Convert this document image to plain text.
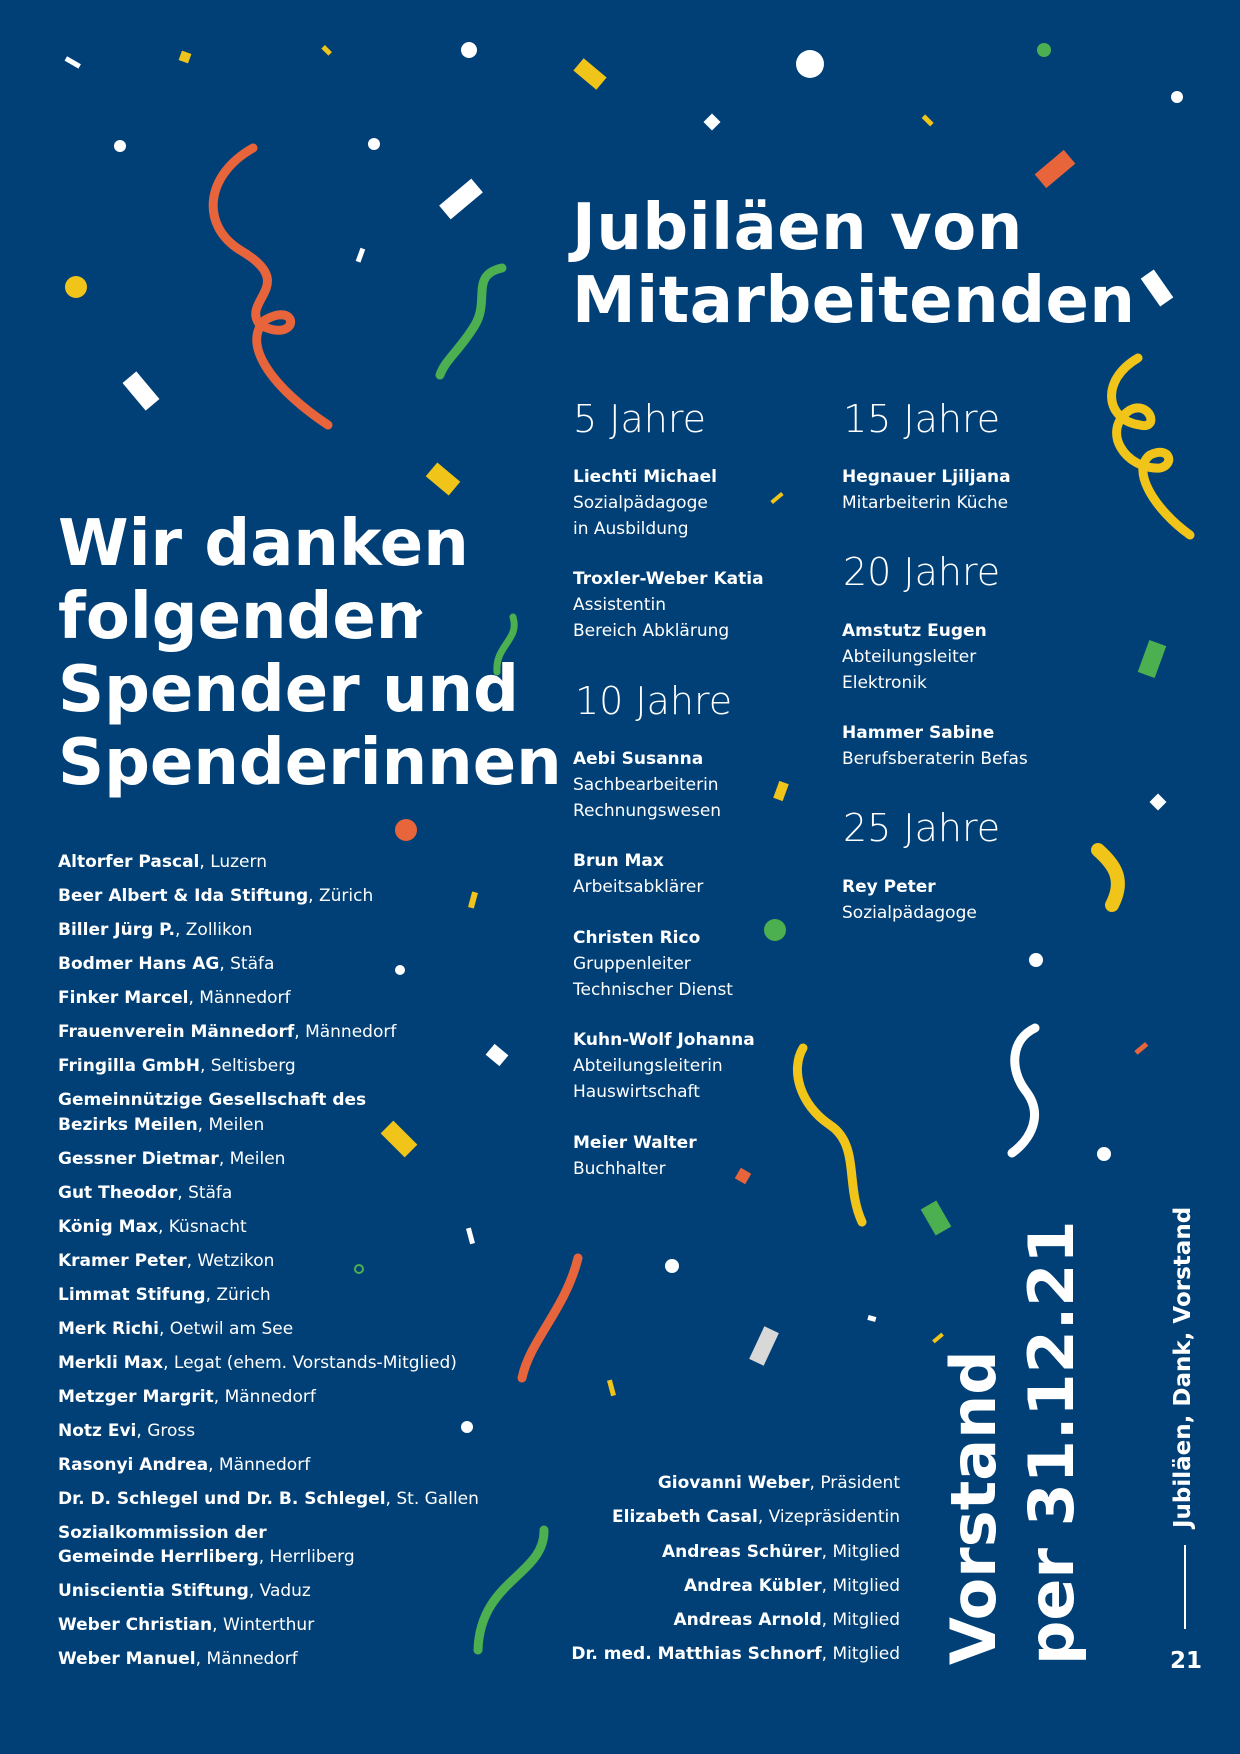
Jubiläen von
Mitarbeitenden
5 Jahre

Liechti Michael
Sozialpädagoge
in Ausbildung

Troxler-Weber Katia
Assistentin
Bereich Abklärung

10 Jahre

Aebi Susanna
Sachbearbeiterin
Rechnungswesen

Brun Max
Arbeitsabklärer

Christen Rico
Gruppenleiter
Technischer Dienst

Kuhn-Wolf Johanna
Abteilungsleiterin
Hauswirtschaft

Meier Walter
Buchhalter

15 Jahre

Hegnauer Ljiljana
Mitarbeiterin Küche

20 Jahre

Amstutz Eugen
Abteilungsleiter
Elektronik

Hammer Sabine
Berufsberaterin Befas

25 Jahre

Rey Peter
Sozialpädagoge

Wir danken
folgenden
Spender und
Spenderinnen
Altorfer Pascal, Luzern
Beer Albert & Ida Stiftung, Zürich
Biller Jürg P., Zollikon
Bodmer Hans AG, Stäfa
Finker Marcel, Männedorf
Frauenverein Männedorf, Männedorf
Fringilla GmbH, Seltisberg
Gemeinnützige Gesellschaft des
Bezirks Meilen, Meilen
Gessner Dietmar, Meilen
Gut Theodor, Stäfa
König Max, Küsnacht
Kramer Peter, Wetzikon
Limmat Stifung, Zürich
Merk Richi, Oetwil am See
Merkli Max, Legat (ehem. Vorstands-Mitglied)
Metzger Margrit, Männedorf
Notz Evi, Gross
Rasonyi Andrea, Männedorf
Dr. D. Schlegel und Dr. B. Schlegel, St. Gallen
Sozialkommission der
Gemeinde Herrliberg, Herrliberg
Uniscientia Stiftung, Vaduz
Weber Christian, Winterthur
Weber Manuel, Männedorf
Giovanni Weber, Präsident
Elizabeth Casal, Vizepräsidentin
Andreas Schürer, Mitglied
Andrea Kübler, Mitglied
Andreas Arnold, Mitglied
Dr. med. Matthias Schnorf, Mitglied Vorstand per 31.12.21	Jubiläen, Dank, Vorstand
21
